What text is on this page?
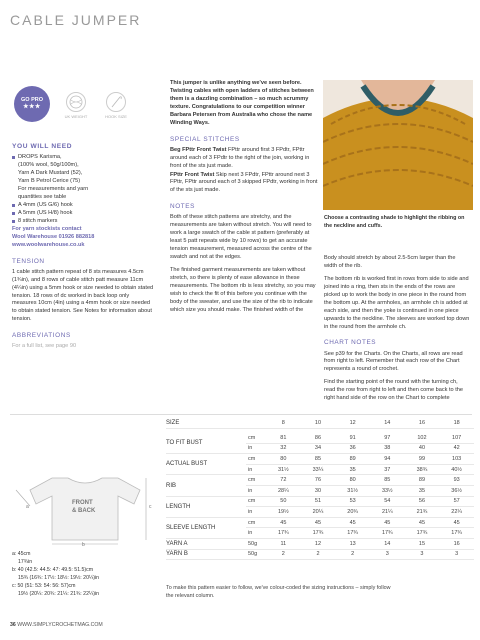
CABLE JUMPER
GO PRO
★★★
UK WEIGHT	HOOK SIZE
YOU WILL NEED
DROPS Karisma,
(100% wool, 50g/100m),
Yarn A Dark Mustard (52),
Yarn B Petrol Cerice (75)
For measurements and yarn
quantities see table
A 4mm (US G/6) hook
A 5mm (US H/8) hook
8 stitch markers
For yarn stockists contact
Wool Warehouse 01926 882818
www.woolwarehouse.co.uk
TENSION

1 cable stitch pattern repeat of 8 sts measures 4.5cm (1¾in), and 8 rows of cable stitch patt measure 11cm (4¼in) using a 5mm hook or size needed to obtain stated tension. 18 rows of dc worked in back loop only measures 10cm (4in) using a 4mm hook or size needed to obtain stated tension. See Notes for information about tension.

ABBREVIATIONS

For a full list, see page 90

This jumper is unlike anything we've seen before. Twisting cables with open ladders of stitches between them is a dazzling combination – so much scrummy texture. Congratulations to our competition winner Barbara Petersen from Australia who chose the name Winding Ways.

SPECIAL STITCHES

Beg FPttr Front Twist FPttr around first 3 FPdtr, FPttr around each of 3 FPdtr to the right of the join, working in front of the sts just made.

FPttr Front Twist Skip next 3 FPdtr, FPttr around next 3 FPttr, FPttr around each of 3 skipped FPdtr, working in front of the sts just made.

NOTES

Both of these stitch patterns are stretchy, and the measurements are taken without stretch. You will need to work a large swatch of the cable st pattern (preferably at least 5 patt repeats wide by 10 rows) to get an accurate tension measurement, measured across the centre of the swatch and not at the edges.

The finished garment measurements are taken without stretch, so there is plenty of ease allowance in these measurements. The bottom rib is less stretchy, so you may wish to check the fit of this before you continue with the body of the sweater, and use the size of the rib to indicate which size you should make. The finished width of the

Choose a contrasting shade to highlight the ribbing on the neckline and cuffs.

Body should stretch by about 2.5-5cm larger than the width of the rib.

The bottom rib is worked first in rows from side to side and joined into a ring, then sts in the ends of the rows are picked up to work the body in one piece in the round from the bottom up. At the armholes, an armhole ch is added at each side, and then the yoke is continued in one piece upwards to the neckline. The sleeves are worked top down in the round from the armhole ch.

CHART NOTES

See p39 for the Charts. On the Charts, all rows are read from right to left. Remember that each row of the Chart represents a round of crochet.

Find the starting point of the round with the turning ch, read the row from right to left and then come back to the right hand side of the row on the Chart to complete

FRONT
& BACK
a
b
c
a: 45cm
17¾in
b: 40 (42.5: 44.5: 47: 49.5: 51.5)cm
15¾ (16¾: 17½: 18½: 19½: 20¼)in
c: 50 (51: 53: 54: 56: 57)cm
19½ (20¼: 20¾: 21¼: 21¾: 22¼)in
SIZE		8	10	12	14	16	18

TO FIT BUST	cm	81	86	91	97	102	107
	in	32	34	36	38	40	42
ACTUAL BUST	cm	80	85	89	94	99	103
	in	31½	33¼	35	37	38¾	40½
RIB	cm	72	76	80	85	89	93
	in	28¼	30	31½	33½	35	36½
LENGTH	cm	50	51	53	54	56	57
	in	19½	20¼	20¾	21¼	21¾	22¼
SLEEVE LENGTH	cm	45	45	45	45	45	45
	in	17¾	17¾	17¾	17¾	17¾	17¾
YARN A	50g	11	12	13	14	15	16
YARN B	50g	2	2	2	3	3	3
To make this pattern easier to follow, we've colour-coded the sizing instructions – simply follow the relevant column.
36 WWW.SIMPLYCROCHETMAG.COM
